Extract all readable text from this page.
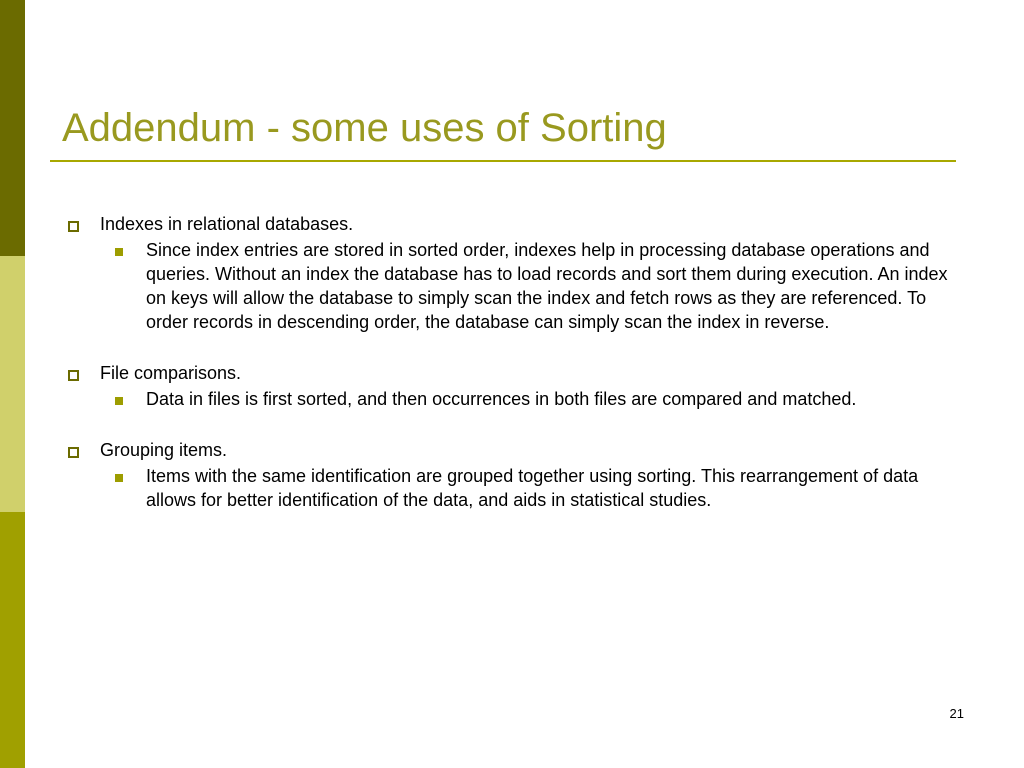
Addendum - some uses of Sorting
Indexes in relational databases.
Since index entries are stored in sorted order, indexes help in processing database operations and queries. Without an index the database has to load records and sort them during execution. An index on keys will allow the database to simply scan the index and fetch rows as they are referenced. To order records in descending order, the database can simply scan the index in reverse.
File comparisons.
Data in files is first sorted, and then occurrences in both files are compared and matched.
Grouping items.
Items with the same identification are grouped together using sorting. This rearrangement of data allows for better identification of the data, and aids in statistical studies.
21
